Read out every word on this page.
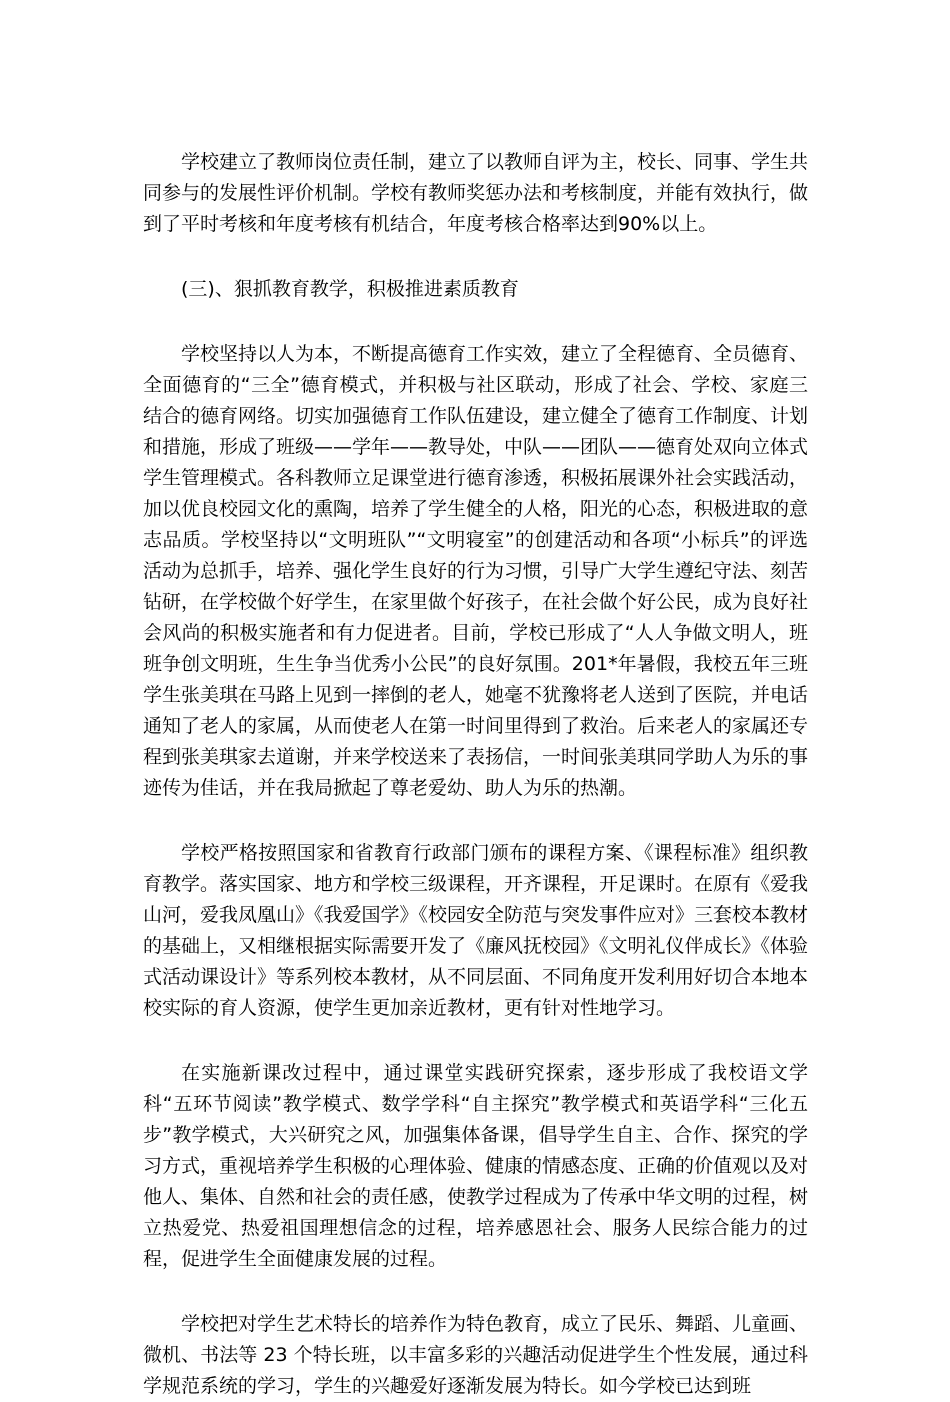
学校建立了教师岗位责任制，建立了以教师自评为主，校长、同事、学生共同参与的发展性评价机制。学校有教师奖惩办法和考核制度，并能有效执行，做到了平时考核和年度考核有机结合，年度考核合格率达到90%以上。

(三)、狠抓教育教学，积极推进素质教育

学校坚持以人为本，不断提高德育工作实效，建立了全程德育、全员德育、全面德育的“三全”德育模式，并积极与社区联动，形成了社会、学校、家庭三结合的德育网络。切实加强德育工作队伍建设，建立健全了德育工作制度、计划和措施，形成了班级——学年——教导处，中队——团队——德育处双向立体式学生管理模式。各科教师立足课堂进行德育渗透，积极拓展课外社会实践活动，加以优良校园文化的熏陶，培养了学生健全的人格，阳光的心态，积极进取的意志品质。学校坚持以“文明班队”“文明寝室”的创建活动和各项“小标兵”的评选活动为总抓手，培养、强化学生良好的行为习惯，引导广大学生遵纪守法、刻苦钻研，在学校做个好学生，在家里做个好孩子，在社会做个好公民，成为良好社会风尚的积极实施者和有力促进者。目前，学校已形成了“人人争做文明人，班班争创文明班，生生争当优秀小公民”的良好氛围。201*年暑假，我校五年三班学生张美琪在马路上见到一摔倒的老人，她毫不犹豫将老人送到了医院，并电话通知了老人的家属，从而使老人在第一时间里得到了救治。后来老人的家属还专程到张美琪家去道谢，并来学校送来了表扬信，一时间张美琪同学助人为乐的事迹传为佳话，并在我局掀起了尊老爱幼、助人为乐的热潮。

学校严格按照国家和省教育行政部门颁布的课程方案、《课程标准》组织教育教学。落实国家、地方和学校三级课程，开齐课程，开足课时。在原有《爱我山河，爱我凤凰山》《我爱国学》《校园安全防范与突发事件应对》三套校本教材的基础上，又相继根据实际需要开发了《廉风抚校园》《文明礼仪伴成长》《体验式活动课设计》等系列校本教材，从不同层面、不同角度开发利用好切合本地本校实际的育人资源，使学生更加亲近教材，更有针对性地学习。

在实施新课改过程中，通过课堂实践研究探索，逐步形成了我校语文学科“五环节阅读”教学模式、数学学科“自主探究”教学模式和英语学科“三化五步”教学模式，大兴研究之风，加强集体备课，倡导学生自主、合作、探究的学习方式，重视培养学生积极的心理体验、健康的情感态度、正确的价值观以及对他人、集体、自然和社会的责任感，使教学过程成为了传承中华文明的过程，树立热爱党、热爱祖国理想信念的过程，培养感恩社会、服务人民综合能力的过程，促进学生全面健康发展的过程。

学校把对学生艺术特长的培养作为特色教育，成立了民乐、舞蹈、儿童画、微机、书法等 23 个特长班，以丰富多彩的兴趣活动促进学生个性发展，通过科学规范系统的学习，学生的兴趣爱好逐渐发展为特长。如今学校已达到班
